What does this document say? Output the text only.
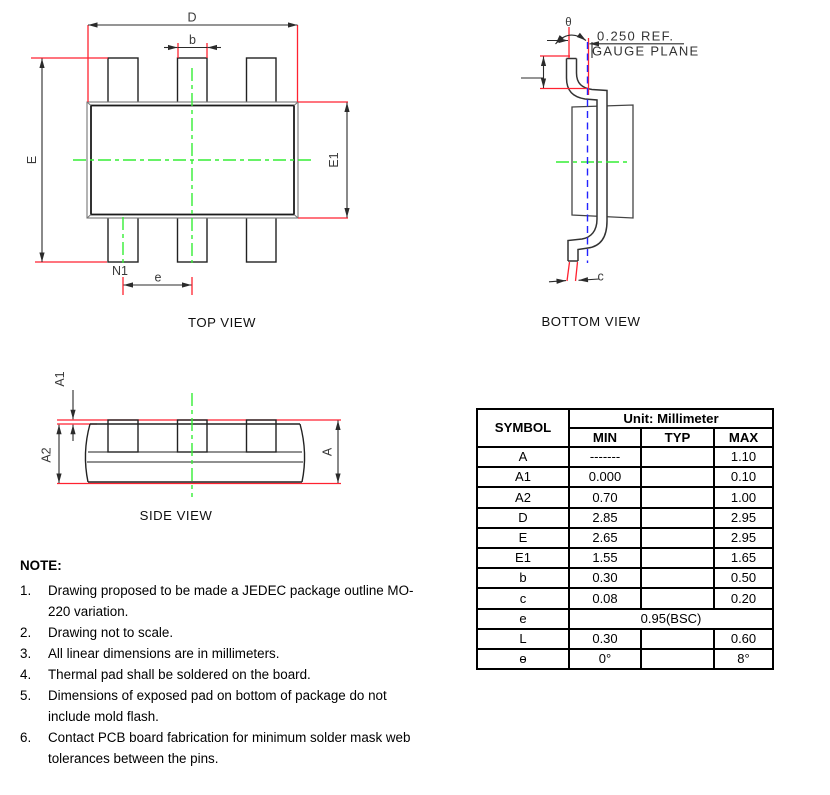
D
b
E	E1
N1 e
TOP VIEW
θ
0.250 REF.
GAUGE PLANE
c
BOTTOM VIEW
A1
A2	A
SIDE VIEW
SYMBOL	Unit: Millimeter		
	MIN	TYP	MAX
A	-------		1.10
A1	0.000		0.10
A2	0.70		1.00
D	2.85		2.95
E	2.65		2.95
E1	1.55		1.65
b	0.30		0.50
c	0.08		0.20
e	0.95(BSC)		
L	0.30		0.60
ɵ	0°		8°
NOTE:
1.	Drawing proposed to be made a JEDEC package outline MO-
220 variation.
2.	Drawing not to scale.
3.	All linear dimensions are in millimeters.
4.	Thermal pad shall be soldered on the board.
5.	Dimensions of exposed pad on bottom of package do not
include mold flash.
6.	Contact PCB board fabrication for minimum solder mask web
tolerances between the pins.
